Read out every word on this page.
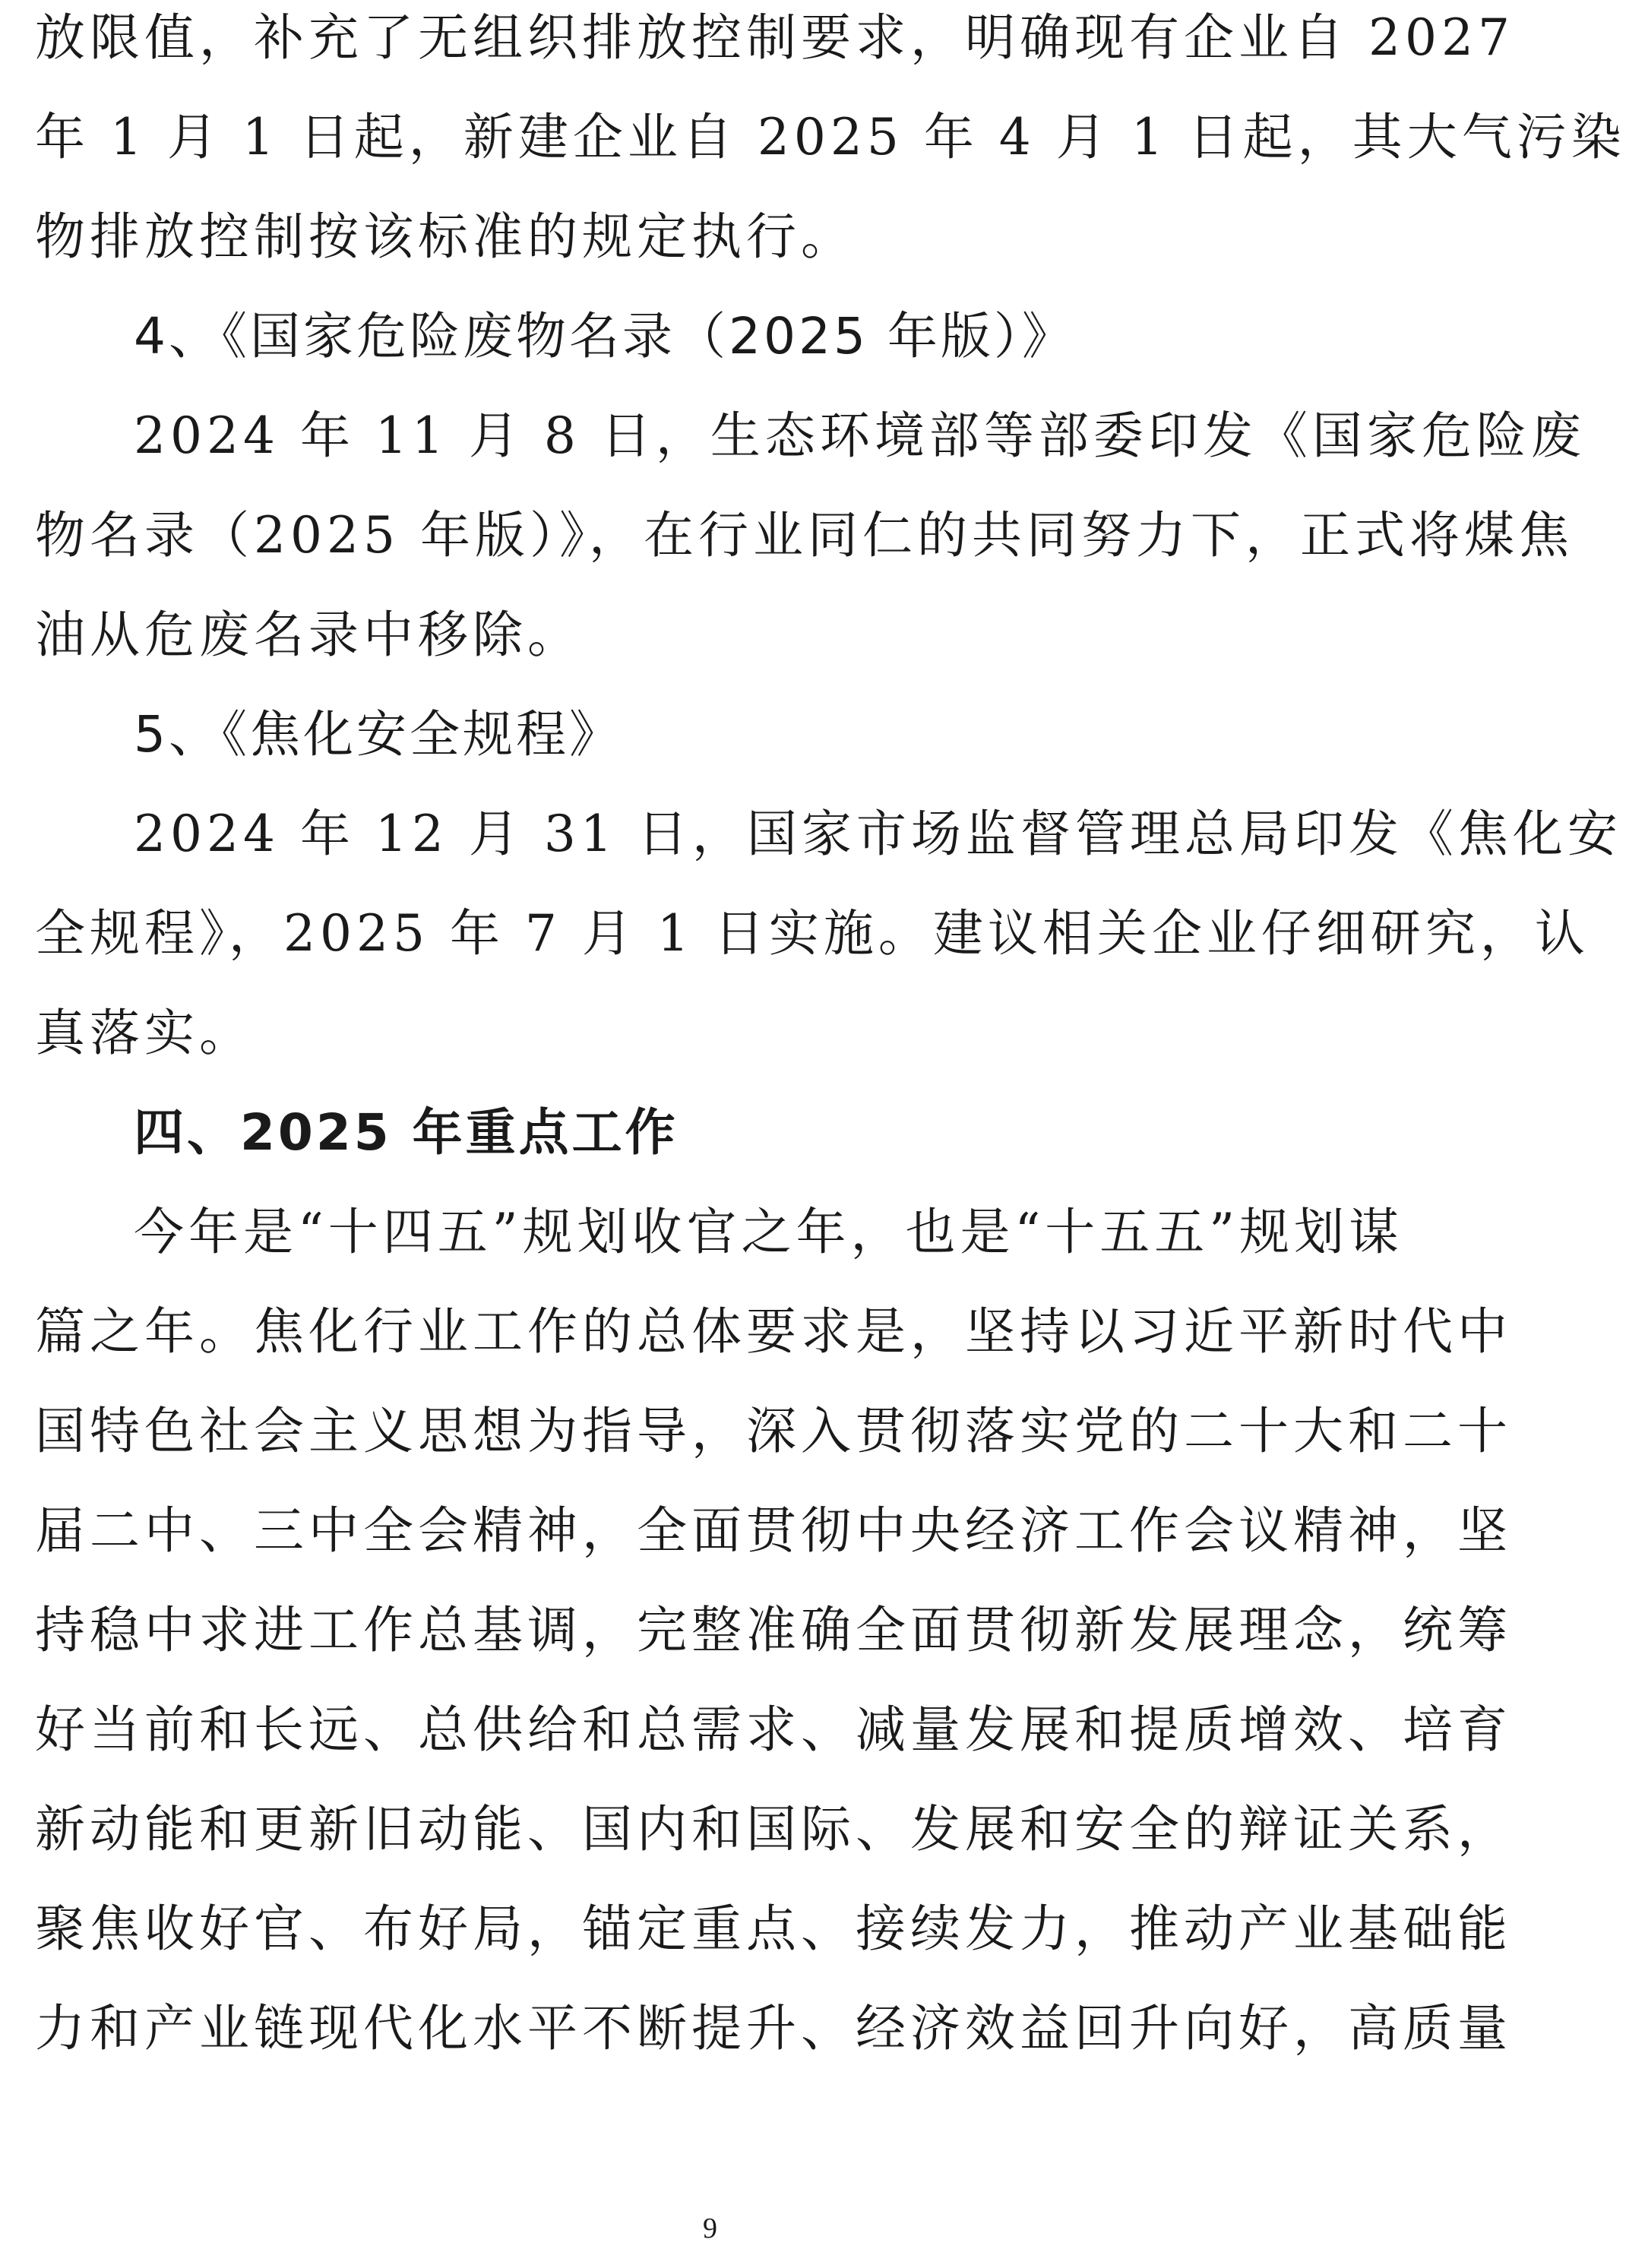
放限值，补充了无组织排放控制要求，明确现有企业自 2027
年 1 月 1 日起，新建企业自 2025 年 4 月 1 日起，其大气污染
物排放控制按该标准的规定执行。
4、《国家危险废物名录（2025 年版）》
2024 年 11 月 8 日，生态环境部等部委印发《国家危险废
物名录（2025 年版）》，在行业同仁的共同努力下，正式将煤焦
油从危废名录中移除。
5、《焦化安全规程》
2024 年 12 月 31 日，国家市场监督管理总局印发《焦化安
全规程》，2025 年 7 月 1 日实施。建议相关企业仔细研究，认
真落实。
四、2025 年重点工作
今年是“十四五”规划收官之年，也是“十五五”规划谋
篇之年。焦化行业工作的总体要求是，坚持以习近平新时代中
国特色社会主义思想为指导，深入贯彻落实党的二十大和二十
届二中、三中全会精神，全面贯彻中央经济工作会议精神，坚
持稳中求进工作总基调，完整准确全面贯彻新发展理念，统筹
好当前和长远、总供给和总需求、减量发展和提质增效、培育
新动能和更新旧动能、国内和国际、发展和安全的辩证关系，
聚焦收好官、布好局，锚定重点、接续发力，推动产业基础能
力和产业链现代化水平不断提升、经济效益回升向好，高质量
9
